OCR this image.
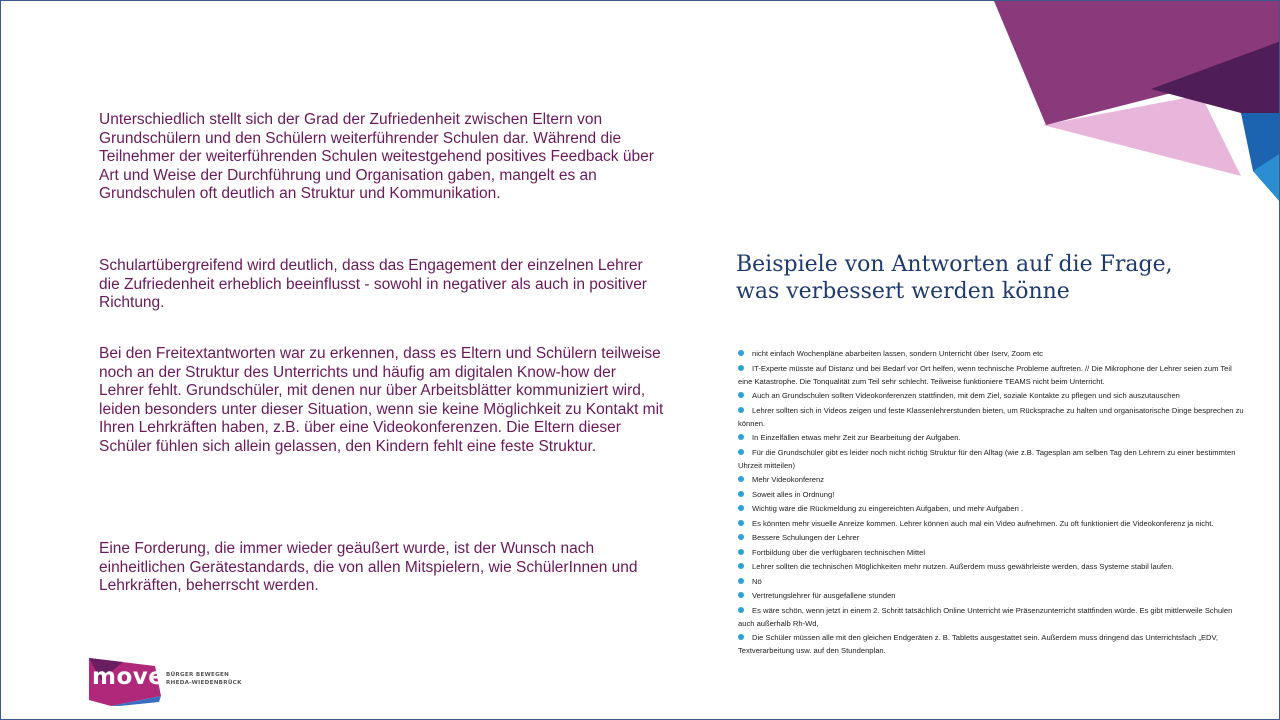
Unterschiedlich stellt sich der Grad der Zufriedenheit zwischen Eltern von Grundschülern und den Schülern weiterführender Schulen dar. Während die Teilnehmer der weiterführenden Schulen weitestgehend positives Feedback über Art und Weise der Durchführung und Organisation gaben, mangelt es an Grundschulen oft deutlich an Struktur und Kommunikation.

Schulartübergreifend wird deutlich, dass das Engagement der einzelnen Lehrer die Zufriedenheit erheblich beeinflusst - sowohl in negativer als auch in positiver Richtung.

Bei den Freitextantworten war zu erkennen, dass es Eltern und Schülern teilweise noch an der Struktur des Unterrichts und häufig am digitalen Know-how der Lehrer fehlt. Grundschüler, mit denen nur über Arbeitsblätter kommuniziert wird, leiden besonders unter dieser Situation, wenn sie keine Möglichkeit zu Kontakt mit Ihren Lehrkräften haben, z.B. über eine Videokonferenzen. Die Eltern dieser Schüler fühlen sich allein gelassen, den Kindern fehlt eine feste Struktur.

Eine Forderung, die immer wieder geäußert wurde, ist der Wunsch nach einheitlichen Gerätestandards, die von allen Mitspielern, wie SchülerInnen und Lehrkräften, beherrscht werden.

Beispiele von Antworten auf die Frage,
was verbessert werden könne
nicht einfach Wochenpläne abarbeiten lassen, sondern Unterricht über Iserv, Zoom etc
IT-Experte müsste auf Distanz und bei Bedarf vor Ort helfen, wenn technische Probleme auftreten. // Die Mikrophone der Lehrer seien zum Teil eine Katastrophe. Die Tonqualität zum Teil sehr schlecht. Teilweise funktioniere TEAMS nicht beim Unterricht.
Auch an Grundschulen sollten Videokonferenzen stattfinden, mit dem Ziel, soziale Kontakte zu pflegen und sich auszutauschen
Lehrer sollten sich in Videos zeigen und feste Klassenlehrerstunden bieten, um Rücksprache zu halten und organisatorische Dinge besprechen zu können.
In Einzelfällen etwas mehr Zeit zur Bearbeitung der Aufgaben.
Für die Grundschüler gibt es leider noch nicht richtig Struktur für den Alltag (wie z.B. Tagesplan am selben Tag den Lehrern zu einer bestimmten Uhrzeit mitteilen)
Mehr Videokonferenz
Soweit alles in Ordnung!
Wichtig wäre die Rückmeldung zu eingereichten Aufgaben, und mehr Aufgaben .
Es könnten mehr visuelle Anreize kommen. Lehrer können auch mal ein Video aufnehmen. Zu oft funktioniert die Videokonferenz ja nicht.
Bessere Schulungen der Lehrer
Fortbildung über die verfügbaren technischen Mittel
Lehrer sollten die technischen Möglichkeiten mehr nutzen. Außerdem muss gewährleiste werden, dass Systeme stabil laufen.
Nö
Vertretungslehrer für ausgefallene stunden
Es wäre schön, wenn jetzt in einem 2. Schritt tatsächlich Online Unterricht wie Präsenzunterricht stattfinden würde. Es gibt mittlerweile Schulen auch außerhalb Rh-Wd,
Die Schüler müssen alle mit den gleichen Endgeräten z. B. Tabletts ausgestattet sein. Außerdem muss dringend das Unterrichtsfach „EDV, Textverarbeitung usw. auf den Stundenplan.
move BÜRGER BEWEGEN
RHEDA-WIEDENBRÜCK
